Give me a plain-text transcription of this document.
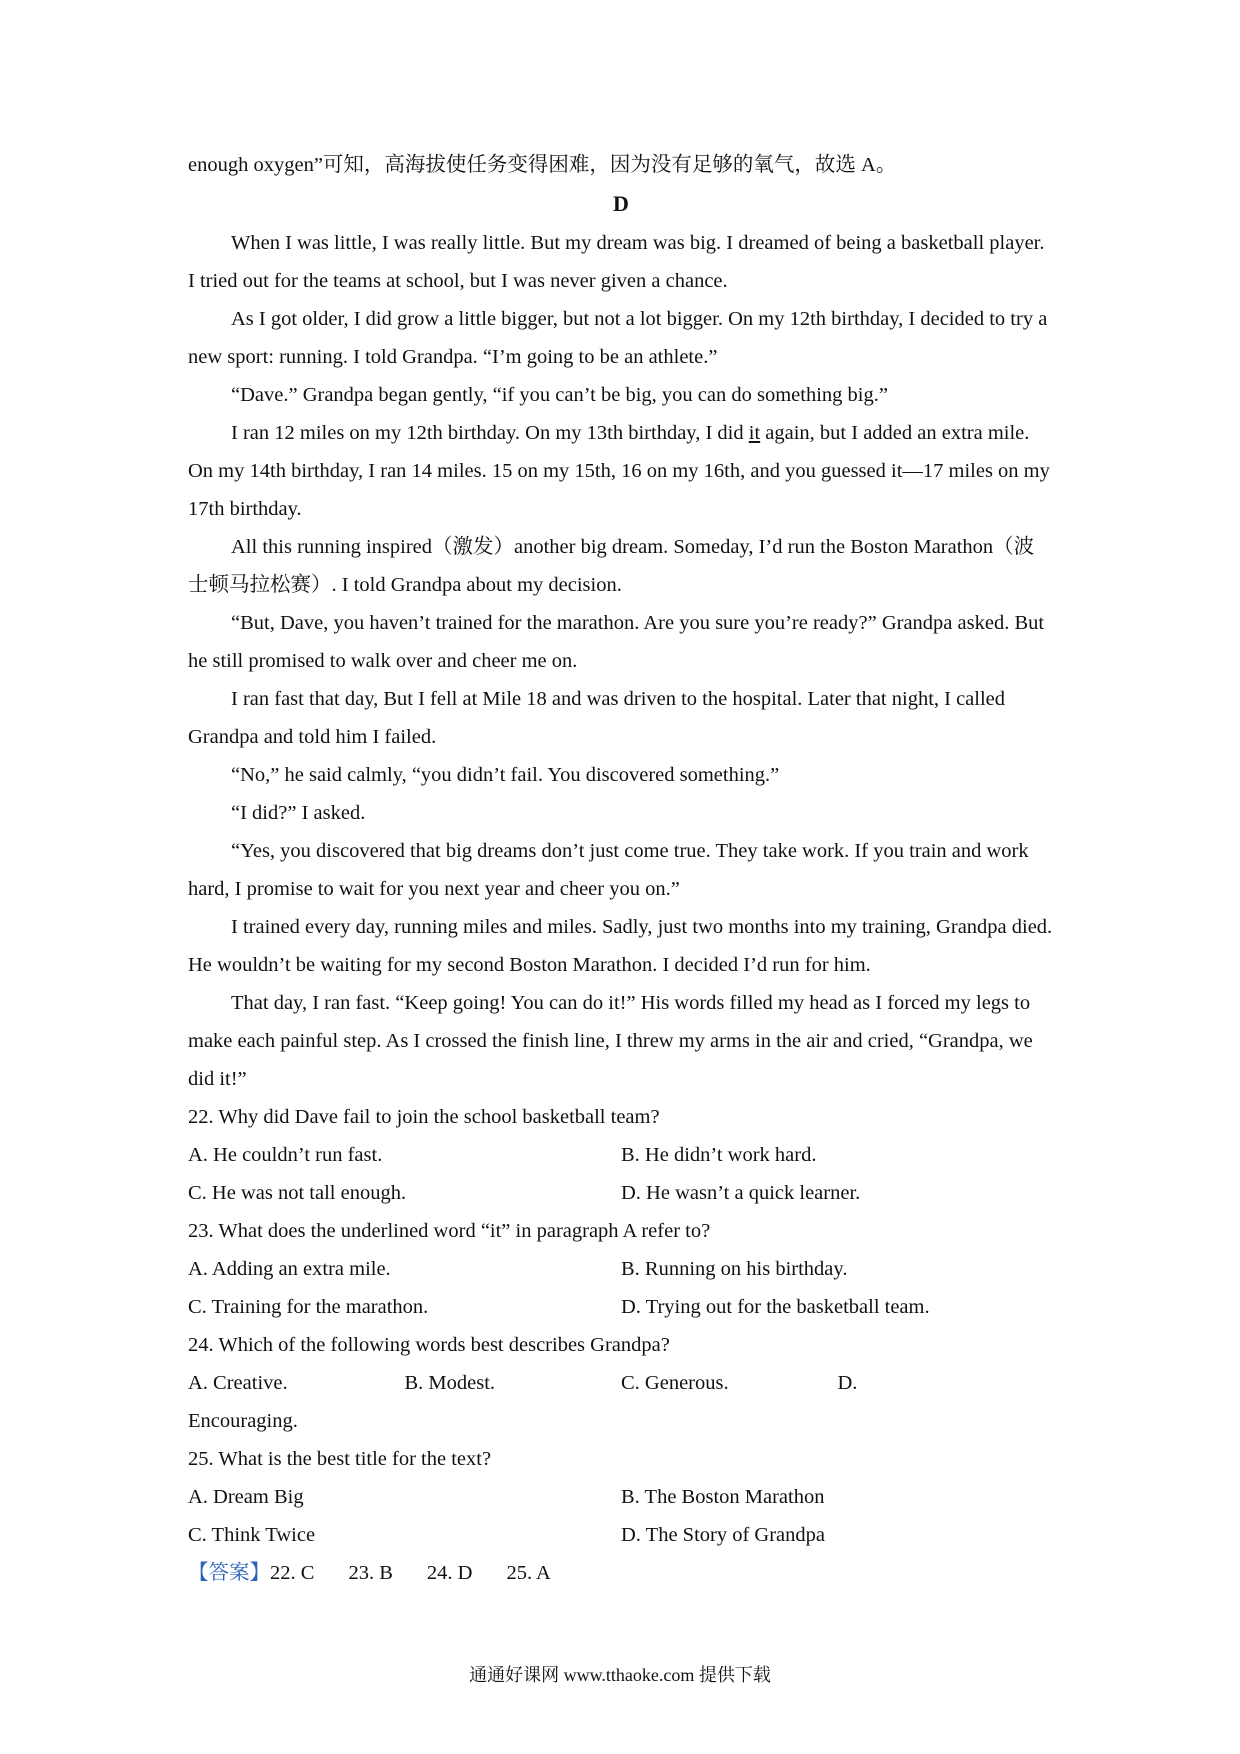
enough oxygen”可知，高海拔使任务变得困难，因为没有足够的氧气，故选 A。

D

When I was little, I was really little. But my dream was big. I dreamed of being a basketball player. I tried out for the teams at school, but I was never given a chance.

As I got older, I did grow a little bigger, but not a lot bigger. On my 12th birthday, I decided to try a new sport: running. I told Grandpa. “I’m going to be an athlete.”

“Dave.” Grandpa began gently, “if you can’t be big, you can do something big.”

I ran 12 miles on my 12th birthday. On my 13th birthday, I did it again, but I added an extra mile. On my 14th birthday, I ran 14 miles. 15 on my 15th, 16 on my 16th, and you guessed it—17 miles on my 17th birthday.

All this running inspired（激发）another big dream. Someday, I’d run the Boston Marathon（波士顿马拉松赛）. I told Grandpa about my decision.

“But, Dave, you haven’t trained for the marathon. Are you sure you’re ready?” Grandpa asked. But he still promised to walk over and cheer me on.

I ran fast that day, But I fell at Mile 18 and was driven to the hospital. Later that night, I called Grandpa and told him I failed.

“No,” he said calmly, “you didn’t fail. You discovered something.”

“I did?” I asked.

“Yes, you discovered that big dreams don’t just come true. They take work. If you train and work hard, I promise to wait for you next year and cheer you on.”

I trained every day, running miles and miles. Sadly, just two months into my training, Grandpa died. He wouldn’t be waiting for my second Boston Marathon. I decided I’d run for him.

That day, I ran fast. “Keep going! You can do it!” His words filled my head as I forced my legs to make each painful step. As I crossed the finish line, I threw my arms in the air and cried, “Grandpa, we did it!”

22. Why did Dave fail to join the school basketball team?

A. He couldn’t run fast.	B. He didn’t work hard.
C. He was not tall enough.	D. He wasn’t a quick learner.

23. What does the underlined word “it” in paragraph A refer to?

A. Adding an extra mile.	B. Running on his birthday.
C. Training for the marathon.	D. Trying out for the basketball team.

24. Which of the following words best describes Grandpa?

A. Creative.	B. Modest.	C. Generous.	D.

Encouraging.

25. What is the best title for the text?

A. Dream Big	B. The Boston Marathon
C. Think Twice	D. The Story of Grandpa

【答案】22. C 23. B 24. D 25. A

通通好课网 www.tthaoke.com 提供下载
